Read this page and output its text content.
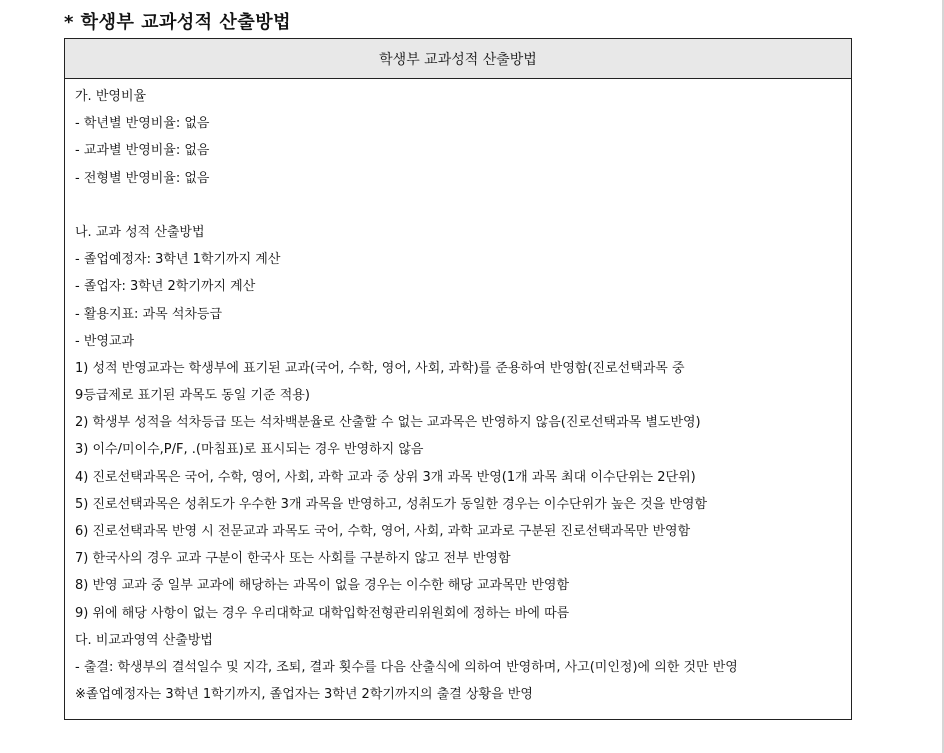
* 학생부 교과성적 산출방법
학생부 교과성적 산출방법
가. 반영비율
- 학년별 반영비율: 없음
- 교과별 반영비율: 없음
- 전형별 반영비율: 없음
나. 교과 성적 산출방법
- 졸업예정자: 3학년 1학기까지 계산
- 졸업자: 3학년 2학기까지 계산
- 활용지표: 과목 석차등급
- 반영교과
1) 성적 반영교과는 학생부에 표기된 교과(국어, 수학, 영어, 사회, 과학)를 준용하여 반영함(진로선택과목 중
9등급제로 표기된 과목도 동일 기준 적용)
2) 학생부 성적을 석차등급 또는 석차백분율로 산출할 수 없는 교과목은 반영하지 않음(진로선택과목 별도반영)
3) 이수/미이수,P/F, .(마침표)로 표시되는 경우 반영하지 않음
4) 진로선택과목은 국어, 수학, 영어, 사회, 과학 교과 중 상위 3개 과목 반영(1개 과목 최대 이수단위는 2단위)
5) 진로선택과목은 성취도가 우수한 3개 과목을 반영하고, 성취도가 동일한 경우는 이수단위가 높은 것을 반영함
6) 진로선택과목 반영 시 전문교과 과목도 국어, 수학, 영어, 사회, 과학 교과로 구분된 진로선택과목만 반영함
7) 한국사의 경우 교과 구분이 한국사 또는 사회를 구분하지 않고 전부 반영함
8) 반영 교과 중 일부 교과에 해당하는 과목이 없을 경우는 이수한 해당 교과목만 반영함
9) 위에 해당 사항이 없는 경우 우리대학교 대학입학전형관리위원회에 정하는 바에 따름
다. 비교과영역 산출방법
- 출결: 학생부의 결석일수 및 지각, 조퇴, 결과 횟수를 다음 산출식에 의하여 반영하며, 사고(미인정)에 의한 것만 반영
※졸업예정자는 3학년 1학기까지, 졸업자는 3학년 2학기까지의 출결 상황을 반영
